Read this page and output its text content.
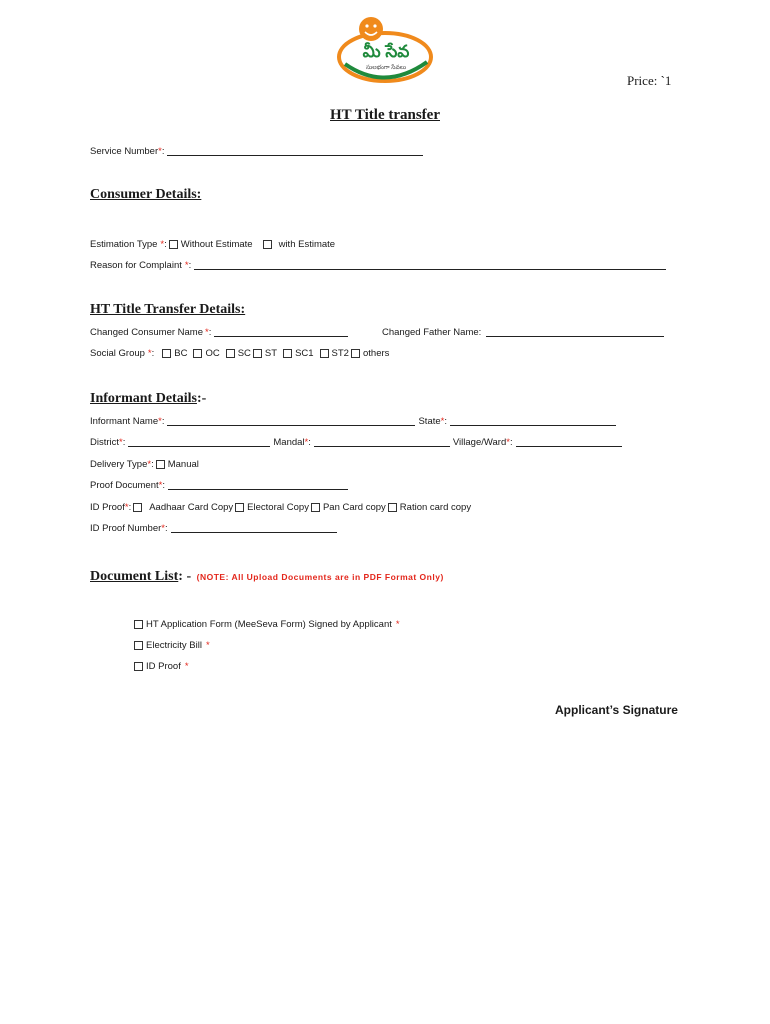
మీ సేవ
సులభంగా సేవలు
Price: `1
HT Title transfer
Service Number * :
Consumer Details:
Estimation Type * : Without Estimate	with Estimate
Reason for Complaint * :
HT Title Transfer Details:
Changed Consumer Name * :	Changed Father Name:
Social Group * : BC OC SC ST SC1 ST2 others
Informant Details :-
Informant Name * :	State * :
District * :	Mandal * :	Village/Ward * :
Delivery Type * : Manual
Proof Document * :
ID Proof * : Aadhaar Card Copy Electoral Copy Pan Card copy Ration card copy
ID Proof Number * :
Document List : - (NOTE: All Upload Documents are in PDF Format Only)
HT Application Form (MeeSeva Form) Signed by Applicant *
Electricity Bill *
ID Proof *
Applicant’s Signature
